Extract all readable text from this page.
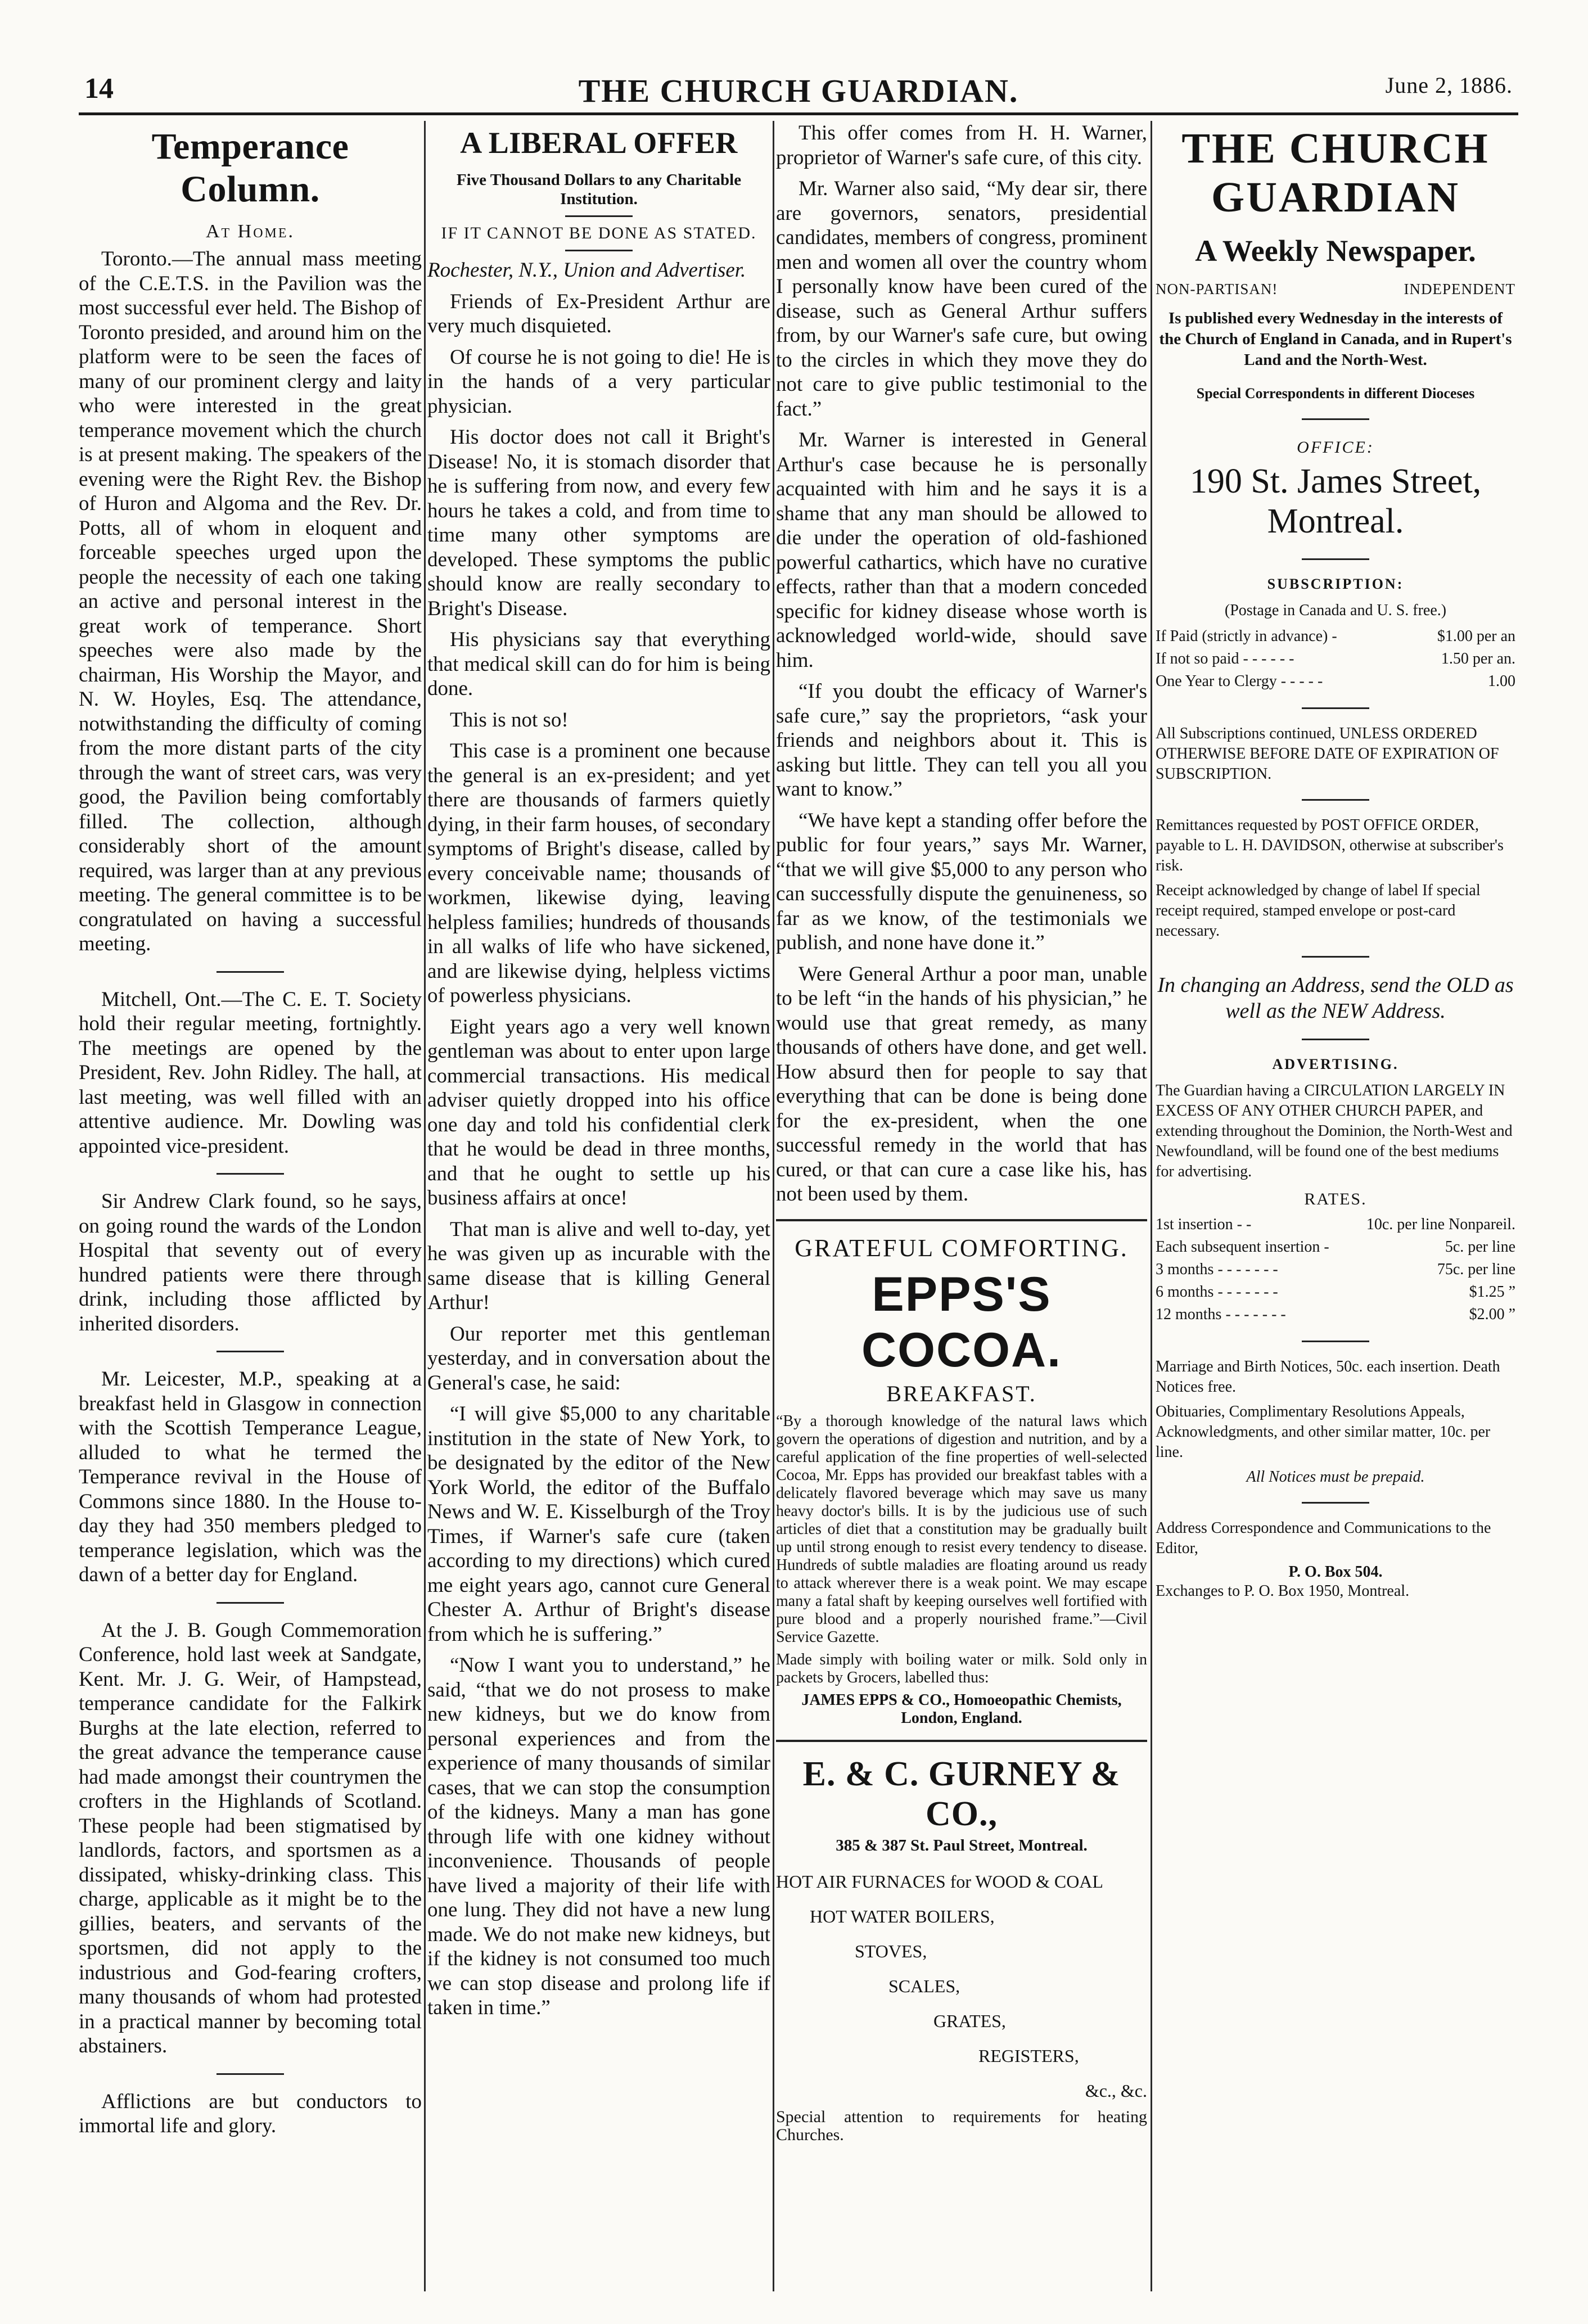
14	THE CHURCH GUARDIAN.	June 2, 1886.
Temperance Column.
At Home.

Toronto.—The annual mass meeting of the C.E.T.S. in the Pavilion was the most successful ever held. The Bishop of Toronto presided, and around him on the platform were to be seen the faces of many of our prominent clergy and laity who were interested in the great temperance movement which the church is at present making. The speakers of the evening were the Right Rev. the Bishop of Huron and Algoma and the Rev. Dr. Potts, all of whom in eloquent and forceable speeches urged upon the people the necessity of each one taking an active and personal interest in the great work of temperance. Short speeches were also made by the chairman, His Worship the Mayor, and N. W. Hoyles, Esq. The attendance, notwithstanding the difficulty of coming from the more distant parts of the city through the want of street cars, was very good, the Pavilion being comfortably filled. The collection, although considerably short of the amount required, was larger than at any previous meeting. The general committee is to be congratulated on having a successful meeting.

Mitchell, Ont.—The C. E. T. Society hold their regular meeting, fortnightly. The meetings are opened by the President, Rev. John Ridley. The hall, at last meeting, was well filled with an attentive audience. Mr. Dowling was appointed vice-president.

Sir Andrew Clark found, so he says, on going round the wards of the London Hospital that seventy out of every hundred patients were there through drink, including those afflicted by inherited disorders.

Mr. Leicester, M.P., speaking at a breakfast held in Glasgow in connection with the Scottish Temperance League, alluded to what he termed the Temperance revival in the House of Commons since 1880. In the House to-day they had 350 members pledged to temperance legislation, which was the dawn of a better day for England.

At the J. B. Gough Commemoration Conference, hold last week at Sandgate, Kent. Mr. J. G. Weir, of Hampstead, temperance candidate for the Falkirk Burghs at the late election, referred to the great advance the temperance cause had made amongst their countrymen the crofters in the Highlands of Scotland. These people had been stigmatised by landlords, factors, and sportsmen as a dissipated, whisky-drinking class. This charge, applicable as it might be to the gillies, beaters, and servants of the sportsmen, did not apply to the industrious and God-fearing crofters, many thousands of whom had protested in a practical manner by becoming total abstainers.

Afflictions are but conductors to immortal life and glory.

A LIBERAL OFFER
Five Thousand Dollars to any Charitable Institution.
IF IT CANNOT BE DONE AS STATED.

Rochester, N.Y., Union and Advertiser.

Friends of Ex-President Arthur are very much disquieted.

Of course he is not going to die! He is in the hands of a very particular physician.

His doctor does not call it Bright's Disease! No, it is stomach disorder that he is suffering from now, and every few hours he takes a cold, and from time to time many other symptoms are developed. These symptoms the public should know are really secondary to Bright's Disease.

His physicians say that everything that medical skill can do for him is being done.

This is not so!

This case is a prominent one because the general is an ex-president; and yet there are thousands of farmers quietly dying, in their farm houses, of secondary symptoms of Bright's disease, called by every conceivable name; thousands of workmen, likewise dying, leaving helpless families; hundreds of thousands in all walks of life who have sickened, and are likewise dying, helpless victims of powerless physicians.

Eight years ago a very well known gentleman was about to enter upon large commercial transactions. His medical adviser quietly dropped into his office one day and told his confidential clerk that he would be dead in three months, and that he ought to settle up his business affairs at once!

That man is alive and well to-day, yet he was given up as incurable with the same disease that is killing General Arthur!

Our reporter met this gentleman yesterday, and in conversation about the General's case, he said:

“I will give $5,000 to any charitable institution in the state of New York, to be designated by the editor of the New York World, the editor of the Buffalo News and W. E. Kisselburgh of the Troy Times, if Warner's safe cure (taken according to my directions) which cured me eight years ago, cannot cure General Chester A. Arthur of Bright's disease from which he is suffering.”

“Now I want you to understand,” he said, “that we do not prosess to make new kidneys, but we do know from personal experiences and from the experience of many thousands of similar cases, that we can stop the consumption of the kidneys. Many a man has gone through life with one kidney without inconvenience. Thousands of people have lived a majority of their life with one lung. They did not have a new lung made. We do not make new kidneys, but if the kidney is not consumed too much we can stop disease and prolong life if taken in time.”

This offer comes from H. H. Warner, proprietor of Warner's safe cure, of this city.

Mr. Warner also said, “My dear sir, there are governors, senators, presidential candidates, members of congress, prominent men and women all over the country whom I personally know have been cured of the disease, such as General Arthur suffers from, by our Warner's safe cure, but owing to the circles in which they move they do not care to give public testimonial to the fact.”

Mr. Warner is interested in General Arthur's case because he is personally acquainted with him and he says it is a shame that any man should be allowed to die under the operation of old-fashioned powerful cathartics, which have no curative effects, rather than that a modern conceded specific for kidney disease whose worth is acknowledged world-wide, should save him.

“If you doubt the efficacy of Warner's safe cure,” say the proprietors, “ask your friends and neighbors about it. This is asking but little. They can tell you all you want to know.”

“We have kept a standing offer before the public for four years,” says Mr. Warner, “that we will give $5,000 to any person who can successfully dispute the genuineness, so far as we know, of the testimonials we publish, and none have done it.”

Were General Arthur a poor man, unable to be left “in the hands of his physician,” he would use that great remedy, as many thousands of others have done, and get well. How absurd then for people to say that everything that can be done is being done for the ex-president, when the one successful remedy in the world that has cured, or that can cure a case like his, has not been used by them.

GRATEFUL COMFORTING.
EPPS'S COCOA.
BREAKFAST.

“By a thorough knowledge of the natural laws which govern the operations of digestion and nutrition, and by a careful application of the fine properties of well-selected Cocoa, Mr. Epps has provided our breakfast tables with a delicately flavored beverage which may save us many heavy doctor's bills. It is by the judicious use of such articles of diet that a constitution may be gradually built up until strong enough to resist every tendency to disease. Hundreds of subtle maladies are floating around us ready to attack wherever there is a weak point. We may escape many a fatal shaft by keeping ourselves well fortified with pure blood and a properly nourished frame.”—Civil Service Gazette.

Made simply with boiling water or milk. Sold only in packets by Grocers, labelled thus:

JAMES EPPS & CO., Homoeopathic Chemists, London, England.

E. & C. GURNEY & CO.,
385 & 387 St. Paul Street, Montreal.
HOT AIR FURNACES for WOOD & COAL
HOT WATER BOILERS,
STOVES,
SCALES,
GRATES,
REGISTERS,
&c., &c.

Special attention to requirements for heating Churches.

THE CHURCH GUARDIAN
A Weekly Newspaper.
NON-PARTISAN!	INDEPENDENT
Is published every Wednesday in the interests of the Church of England in Canada, and in Rupert's Land and the North-West.
Special Correspondents in different Dioceses
OFFICE:
190 St. James Street, Montreal.
SUBSCRIPTION:
(Postage in Canada and U. S. free.)
If Paid (strictly in advance) -	$1.00 per an
If not so paid - - - - - -	1.50 per an.
One Year to Clergy - - - - -	1.00
All Subscriptions continued, UNLESS ORDERED OTHERWISE BEFORE DATE OF EXPIRATION OF SUBSCRIPTION.
Remittances requested by POST OFFICE ORDER, payable to L. H. DAVIDSON, otherwise at subscriber's risk.
Receipt acknowledged by change of label If special receipt required, stamped envelope or post-card necessary.
In changing an Address, send the OLD as well as the NEW Address.
ADVERTISING.
The Guardian having a CIRCULATION LARGELY IN EXCESS OF ANY OTHER CHURCH PAPER, and extending throughout the Dominion, the North-West and Newfoundland, will be found one of the best mediums for advertising.
RATES.
1st insertion - -	10c. per line Nonpareil.
Each subsequent insertion -	5c. per line
3 months - - - - - - -	75c. per line
6 months - - - - - - -	$1.25 ”
12 months - - - - - - -	$2.00 ”
Marriage and Birth Notices, 50c. each insertion. Death Notices free.
Obituaries, Complimentary Resolutions Appeals, Acknowledgments, and other similar matter, 10c. per line.
All Notices must be prepaid.
Address Correspondence and Communications to the Editor,
P. O. Box 504.
Exchanges to P. O. Box 1950, Montreal.
